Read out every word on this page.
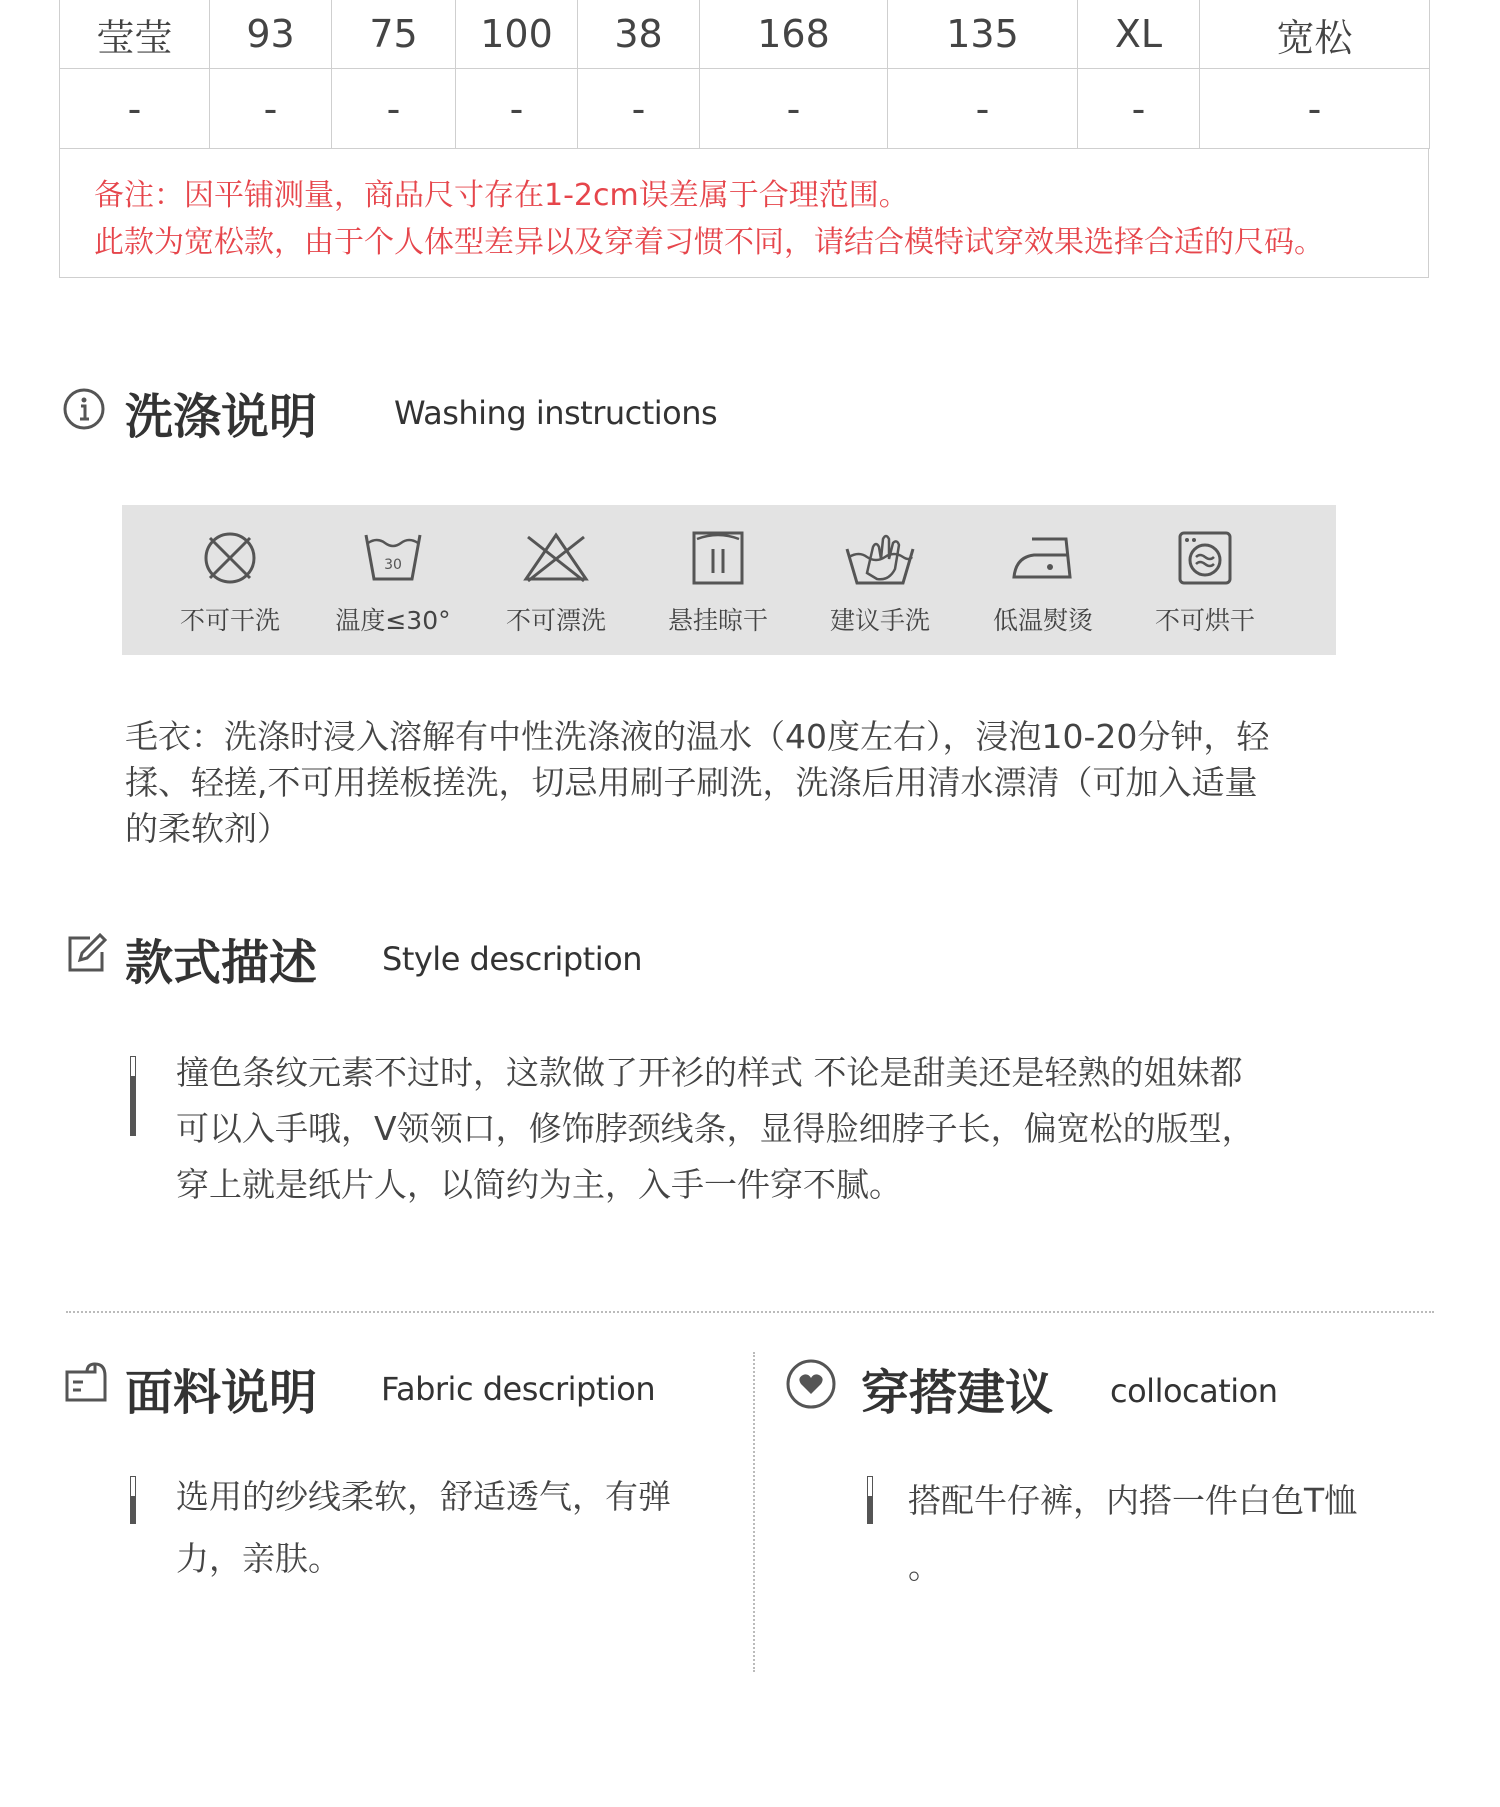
莹莹	93	75	100	38	168	135	XL	宽松
-	-	-	-	-	-	-	-	-
备注：因平铺测量，商品尺寸存在1-2cm误差属于合理范围。
此款为宽松款，由于个人体型差异以及穿着习惯不同，请结合模特试穿效果选择合适的尺码。
洗涤说明 Washing instructions
不可干洗
30
温度≤30°	不可漂洗	悬挂晾干	建议手洗	低温熨烫	不可烘干
毛衣：洗涤时浸入溶解有中性洗涤液的温水（40度左右），浸泡10-20分钟，轻
揉、轻搓,不可用搓板搓洗，切忌用刷子刷洗，洗涤后用清水漂清（可加入适量
的柔软剂）
款式描述 Style description
撞色条纹元素不过时，这款做了开衫的样式 不论是甜美还是轻熟的姐妹都
可以入手哦，V领领口，修饰脖颈线条，显得脸细脖子长，偏宽松的版型，
穿上就是纸片人，以简约为主，入手一件穿不腻。
面料说明 Fabric description
选用的纱线柔软，舒适透气，有弹
力，亲肤。
穿搭建议 collocation
搭配牛仔裤，内搭一件白色T恤
。
